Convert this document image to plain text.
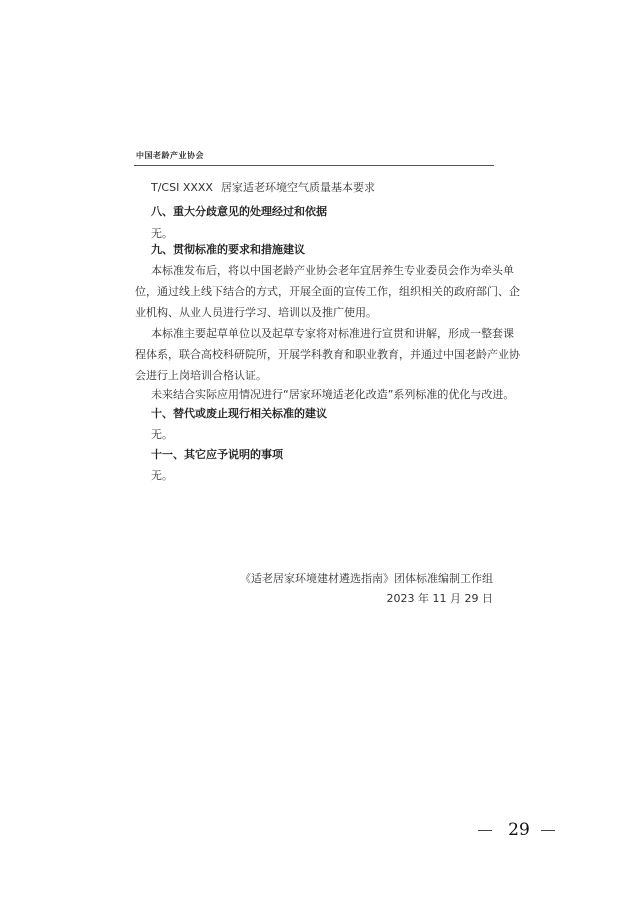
中国老龄产业协会
T/CSI XXXX 居家适老环境空气质量基本要求
八、重大分歧意见的处理经过和依据
无。
九、贯彻标准的要求和措施建议
本标准发布后，将以中国老龄产业协会老年宜居养生专业委员会作为牵头单
位，通过线上线下结合的方式，开展全面的宣传工作，组织相关的政府部门、企
业机构、从业人员进行学习、培训以及推广使用。
本标准主要起草单位以及起草专家将对标准进行宣贯和讲解，形成一整套课
程体系，联合高校科研院所，开展学科教育和职业教育，并通过中国老龄产业协
会进行上岗培训合格认证。
未来结合实际应用情况进行“居家环境适老化改造”系列标准的优化与改进。
十、替代或废止现行相关标准的建议
无。
十一、其它应予说明的事项
无。
《适老居家环境建材遴选指南》团体标准编制工作组
2023 年 11 月 29 日
29
